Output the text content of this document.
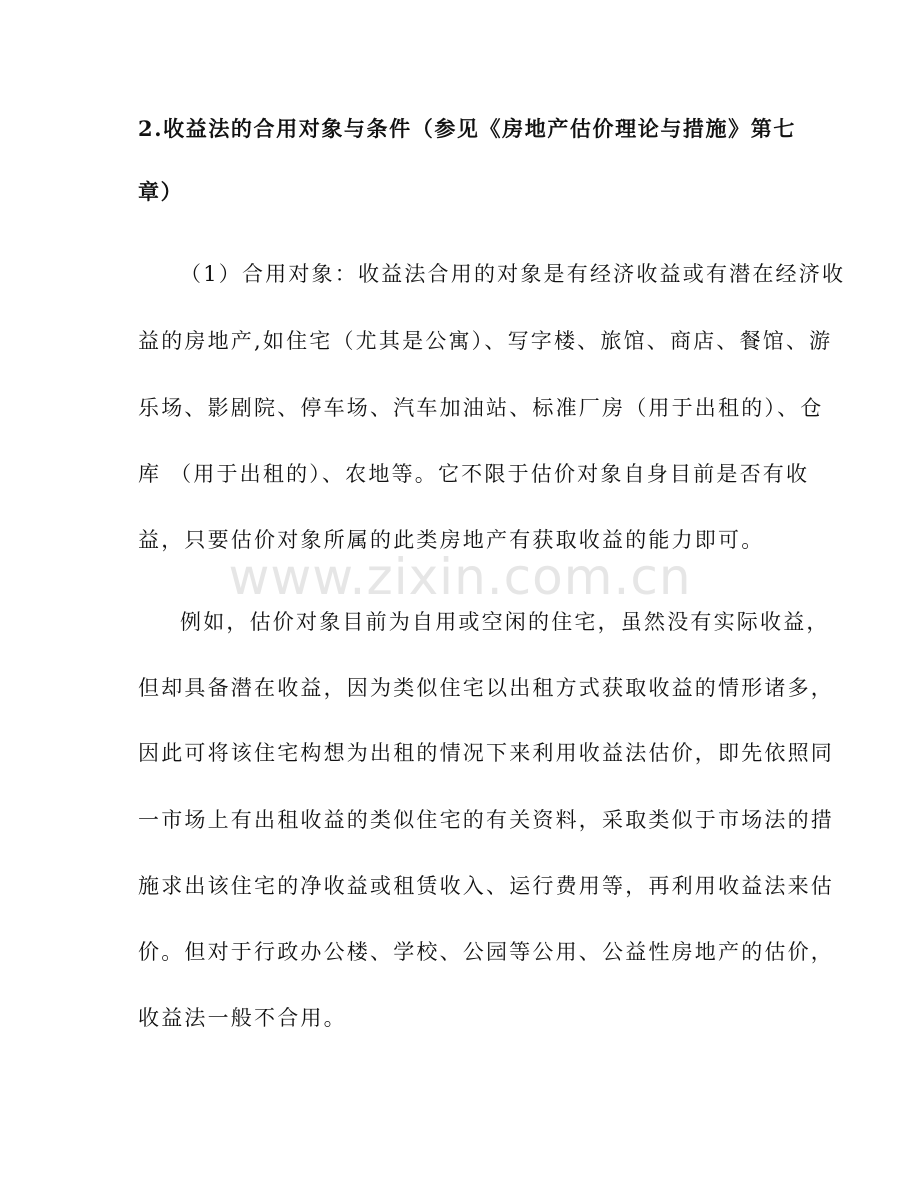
www.zixin.com.cn
2.收益法的合用对象与条件（参见《房地产估价理论与措施》第七
章）
（1）合用对象：收益法合用的对象是有经济收益或有潜在经济收
益的房地产,如住宅（尤其是公寓）、写字楼、旅馆、商店、餐馆、游
乐场、影剧院、停车场、汽车加油站、标准厂房（用于出租的）、仓
库 （用于出租的）、农地等。它不限于估价对象自身目前是否有收
益，只要估价对象所属的此类房地产有获取收益的能力即可。
例如，估价对象目前为自用或空闲的住宅，虽然没有实际收益，
但却具备潜在收益，因为类似住宅以出租方式获取收益的情形诸多，
因此可将该住宅构想为出租的情况下来利用收益法估价，即先依照同
一市场上有出租收益的类似住宅的有关资料，采取类似于市场法的措
施求出该住宅的净收益或租赁收入、运行费用等，再利用收益法来估
价。但对于行政办公楼、学校、公园等公用、公益性房地产的估价，
收益法一般不合用。
